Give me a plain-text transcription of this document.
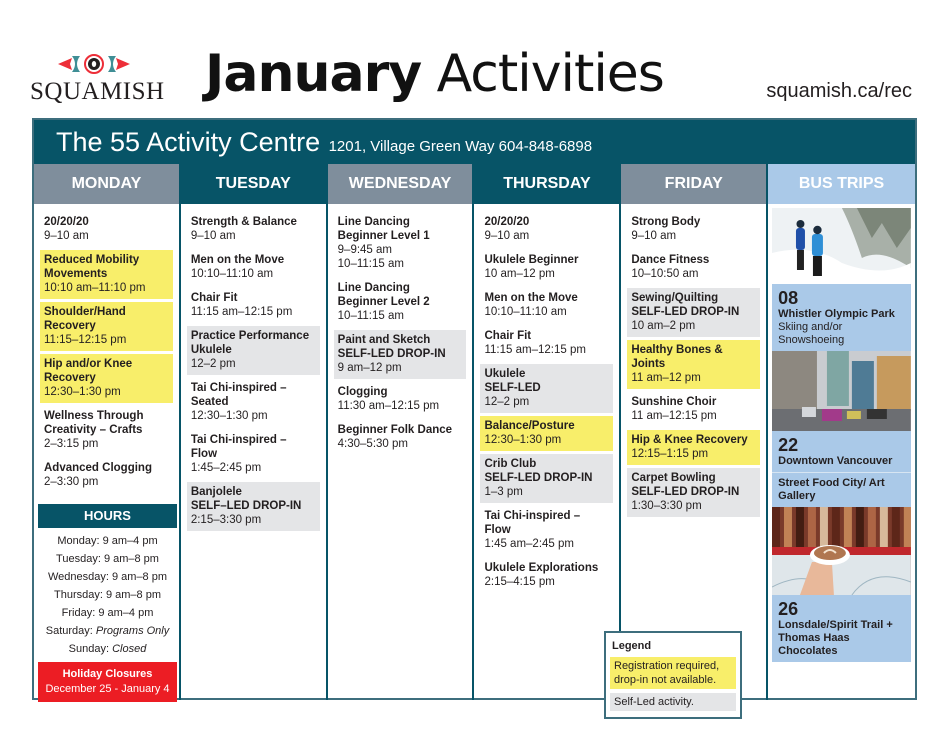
SQUAMISH January Activities	squamish.ca/rec
The 55 Activity Centre 1201, Village Green Way 604-848-6898
MONDAY
20/20/20
9–10 am
Reduced Mobility Movements
10:10 am–11:10 pm
Shoulder/Hand Recovery
11:15–12:15 pm
Hip and/or Knee Recovery
12:30–1:30 pm
Wellness Through Creativity – Crafts
2–3:15 pm
Advanced Clogging
2–3:30 pm
HOURS
Monday: 9 am–4 pm
Tuesday: 9 am–8 pm
Wednesday: 9 am–8 pm
Thursday: 9 am–8 pm
Friday: 9 am–4 pm
Saturday: Programs Only
Sunday: Closed
Holiday Closures
December 25 - January 4
TUESDAY
Strength & Balance
9–10 am
Men on the Move
10:10–11:10 am
Chair Fit
11:15 am–12:15 pm
Practice Performance Ukulele
12–2 pm
Tai Chi-inspired – Seated
12:30–1:30 pm
Tai Chi-inspired – Flow
1:45–2:45 pm
Banjolele
SELF–LED DROP-IN
2:15–3:30 pm
WEDNESDAY
Line Dancing Beginner Level 1
9–9:45 am
10–11:15 am
Line Dancing Beginner Level 2
10–11:15 am
Paint and Sketch
SELF-LED DROP-IN
9 am–12 pm
Clogging
11:30 am–12:15 pm
Beginner Folk Dance
4:30–5:30 pm
THURSDAY
20/20/20
9–10 am
Ukulele Beginner
10 am–12 pm
Men on the Move
10:10–11:10 am
Chair Fit
11:15 am–12:15 pm
Ukulele
SELF-LED
12–2 pm
Balance/Posture
12:30–1:30 pm
Crib Club
SELF-LED DROP-IN
1–3 pm
Tai Chi-inspired – Flow
1:45 am–2:45 pm
Ukulele Explorations
2:15–4:15 pm
FRIDAY
Strong Body
9–10 am
Dance Fitness
10–10:50 am
Sewing/Quilting
SELF-LED DROP-IN
10 am–2 pm
Healthy Bones & Joints
11 am–12 pm
Sunshine Choir
11 am–12:15 pm
Hip & Knee Recovery
12:15–1:15 pm
Carpet Bowling
SELF-LED DROP-IN
1:30–3:30 pm
BUS TRIPS
08
Whistler Olympic Park
Skiing and/or Snowshoeing
22
Downtown Vancouver
Street Food City/ Art Gallery
26
Lonsdale/Spirit Trail + Thomas Haas Chocolates
Legend
Registration required, drop-in not available.
Self-Led activity.
